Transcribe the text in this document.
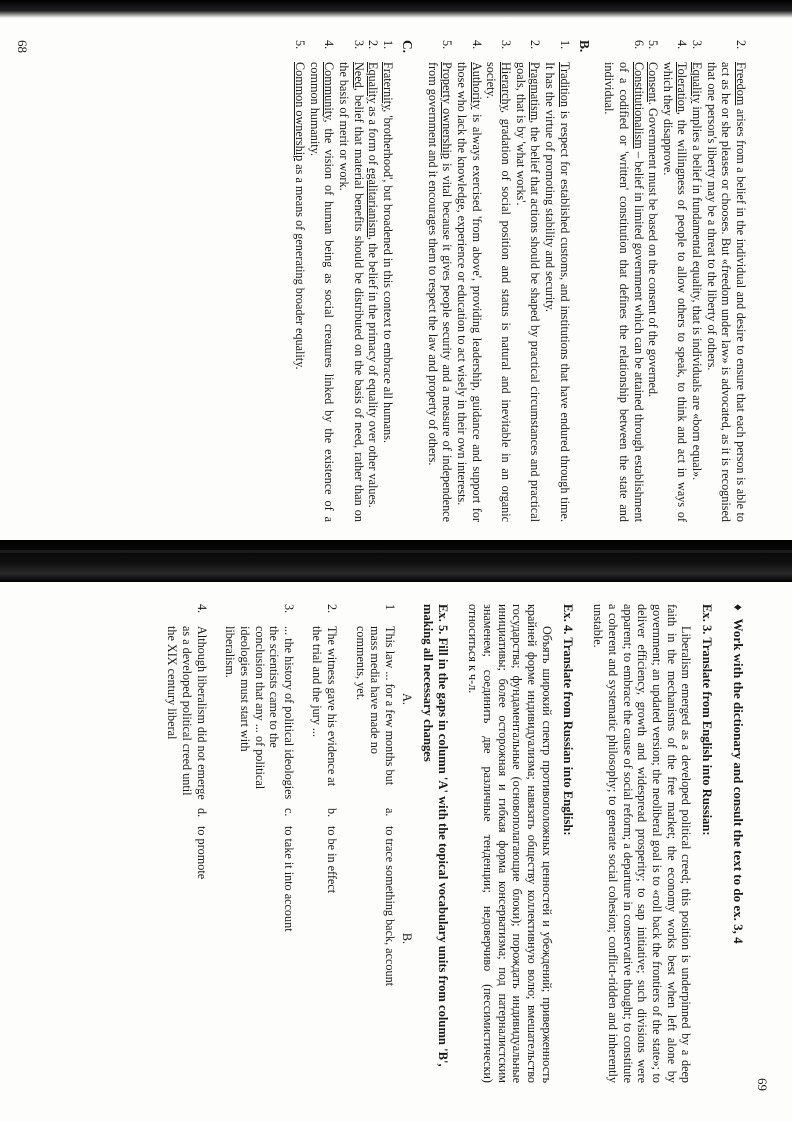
2.
Freedom arises from a belief in the individual and desire to ensure that each person is able to act as he or she pleases or chooses. But «freedom under law» is advocated, as it is recognised that one person's liberty may be a threat to the liberty of others.
3.
Equality implies a belief in fundamental equality, that is individuals are «born equal».
4.
Toleration, the willingness of people to allow others to speak, to think and act in ways of which they disapprove.
5.
Consent. Government must be based on the consent of the governed.
6.
Constitutionalism – belief in limited government which can be attained through establishment of a codified or 'written' constitution that defines the relationship between the state and individual.
B.
1.
Tradition is respect for established customs, and institutions that have endured through time. It has the virtue of promoting stability and security.
2.
Pragmatism, the belief that actions should be shaped by practical circumstances and practical goals, that is by 'what works'.
3.
Hierarchy, gradation of social position and status is natural and inevitable in an organic society.
4.
Authority is always exercised 'from above', providing leadership, guidance and support for those who lack the knowledge, experience or education to act wisely in their own interests.
5.
Property ownership is vital because it gives people security and a measure of independence from government and it encourages them to respect the law and property of others.
C.
1.
Fraternity, 'brotherhood', but broadened in this context to embrace all humans.
2.
Equality as a form of egalitarianism, the belief in the primacy of equality over other values.
3.
Need, belief that material benefits should be distributed on the basis of need, rather than on the basis of merit or work.
4.
Community, the vision of human being as social creatures linked by the existence of a common humanity.
5.
Common ownership as a means of generating broader equality.
68
69
♦Work with the dictionary and consult the text to do ex. 3, 4
Ex. 3. Translate from English into Russian:

Liberalism emerged as a developed political creed; this position is underpinned by a deep faith in the mechanisms of the free market; the economy works best when left alone by government; an updated version; the neoliberal goal is to «roll back the frontiers of the state»; to deliver efficiency, growth and widespread prosperity; to sap initiative; such divisions were apparent; to embrace the cause of social reform; a departure in conservative thought; to constitute a coherent and systematic philosophy; to generate social cohesion; conflict-ridden and inherently unstable.

Ex. 4. Translate from Russian into English:

Объять широкий спектр противоположных ценностей и убеждений; приверженность крайней форме индивидуализма; навязать обществу коллективную волю; вмешательство государства; фундаментальные (основополагающие блоки); порождать индивидуальные инициативы; более осторожная и гибкая форма консерватизма; под патерналистским знаменем; соединить две различные тенденции; недоверчиво (пессимистически) относиться к ч-л.

Ex. 5. Fill in the gaps in column 'A' with the topical vocabulary units from column 'B', making all necessary changes
A.
B.
1
This law ... for a few months but mass media have made no comments, yet.
a.
to trace something back, account
2.
The witness gave his evidence at the trial and the jury ...
b.
to be in effect
3.
... the history of political ideologies the scientists came to the conclusion that any ... of political ideologies must start with liberalism.
c.
to take it into account
4.
Although liberalism did not emerge as a developed political creed until the XIX century liberal
d.
to promote
